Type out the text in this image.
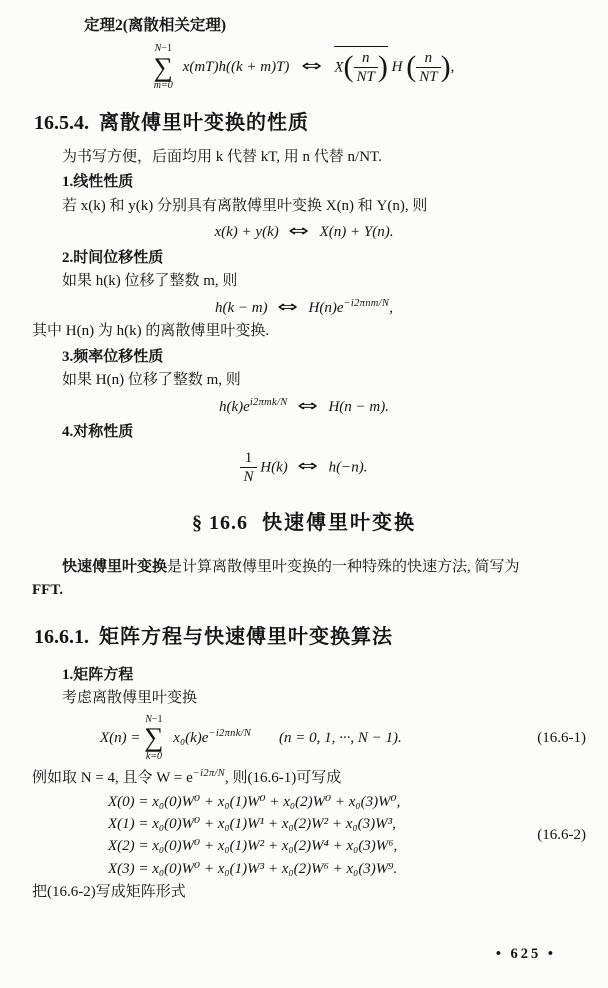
定理2(离散相关定理)
N−1
∑
m=0
x(mT)h((k + m)T) ⇔ $X( \frac{n}{NT}$ ) H ( $\frac{n}{NT}$ ),
16.5.4. 离散傅里叶变换的性质
为书写方便，后面均用 k 代替 kT, 用 n 代替 n/NT.
1.线性性质
若 x(k) 和 y(k) 分别具有离散傅里叶变换 X(n) 和 Y(n), 则
x(k) + y(k) ⇔ X(n) + Y(n).
2.时间位移性质
如果 h(k) 位移了整数 m, 则
h(k − m) ⇔ $H(n)e^{-i2\pi nm/N}$,
其中 H(n) 为 h(k) 的离散傅里叶变换.
3.频率位移性质
如果 H(n) 位移了整数 m, 则
$h(k)e^{i2\pi mk/N}$ ⇔ H(n − m).
4.对称性质
$\frac{1}{N} H(k)$ ⇔ h(−n).
§ 16.6 快速傅里叶变换
快速傅里叶变换是计算离散傅里叶变换的一种特殊的快速方法, 简写为
FFT.
16.6.1. 矩阵方程与快速傅里叶变换算法
1.矩阵方程
考虑离散傅里叶变换
X(n) =
N−1
∑
k=0
$x_0(k)e^{-i2\pi nk/N}$ (n = 0, 1, ···, N − 1).	(16.6-1)
例如取 N = 4, 且令 $W = e^{-i2\pi/N}$, 则(16.6-1)可写成
X(0) = x₀(0)W⁰ + x₀(1)W⁰ + x₀(2)W⁰ + x₀(3)W⁰,
X(1) = x₀(0)W⁰ + x₀(1)W¹ + x₀(2)W² + x₀(3)W³,
X(2) = x₀(0)W⁰ + x₀(1)W² + x₀(2)W⁴ + x₀(3)W⁶,
X(3) = x₀(0)W⁰ + x₀(1)W³ + x₀(2)W⁶ + x₀(3)W⁹.
(16.6-2)
把(16.6-2)写成矩阵形式
• 625 •
